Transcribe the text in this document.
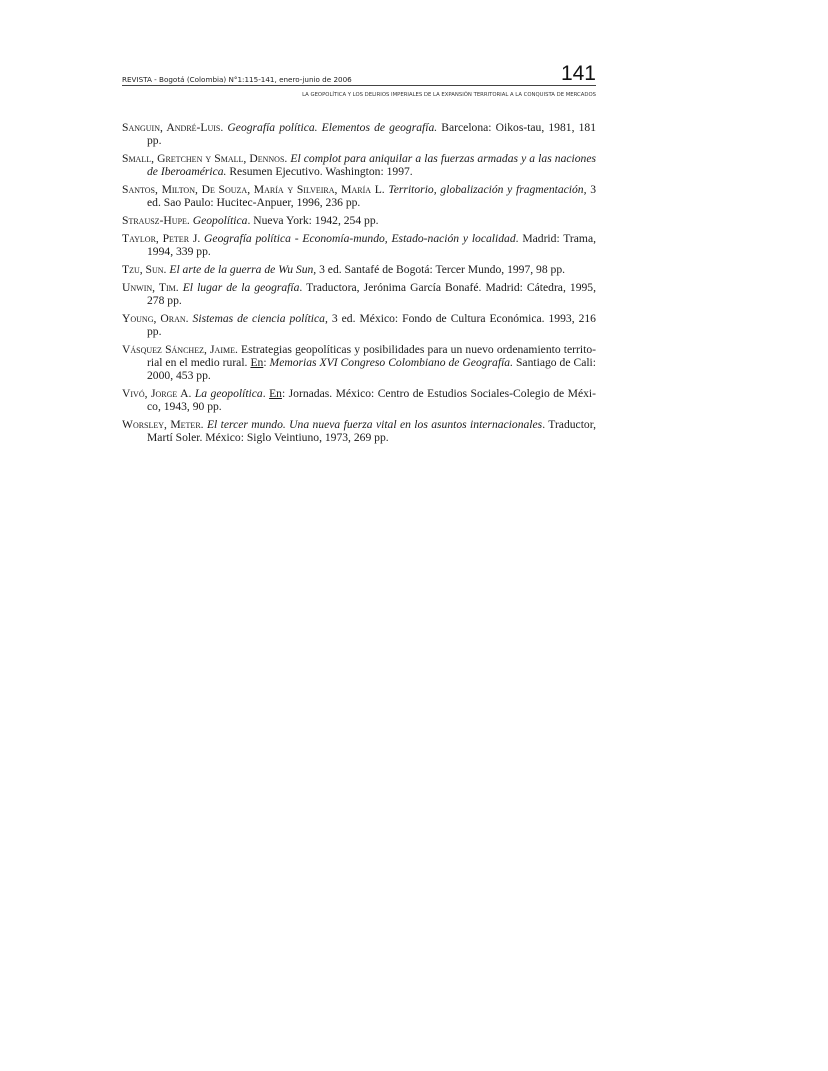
REVISTA - Bogotá (Colombia) N°1:115-141, enero-junio de 2006	141
LA GEOPOLÍTICA Y LOS DELIRIOS IMPERIALES DE LA EXPANSIÓN TERRITORIAL A LA CONQUISTA DE MERCADOS
Sanguin, André-Luis. Geografía política. Elementos de geografía. Barcelona: Oikos-tau, 1981, 181 pp.
Small, Gretchen y Small, Dennos. El complot para aniquilar a las fuerzas armadas y a las naciones de Iberoamérica. Resumen Ejecutivo. Washington: 1997.
Santos, Milton, De Souza, María y Silveira, María L. Territorio, globalización y fragmentación, 3 ed. Sao Paulo: Hucitec-Anpuer, 1996, 236 pp.
Strausz-Hupe. Geopolítica. Nueva York: 1942, 254 pp.
Taylor, Peter J. Geografía política - Economía-mundo, Estado-nación y localidad. Madrid: Trama, 1994, 339 pp.
Tzu, Sun. El arte de la guerra de Wu Sun, 3 ed. Santafé de Bogotá: Tercer Mundo, 1997, 98 pp.
Unwin, Tim. El lugar de la geografía. Traductora, Jerónima García Bonafé. Madrid: Cátedra, 1995, 278 pp.
Young, Oran. Sistemas de ciencia política, 3 ed. México: Fondo de Cultura Económica. 1993, 216 pp.
Vásquez Sánchez, Jaime. Estrategias geopolíticas y posibilidades para un nuevo ordenamiento territorial en el medio rural. En: Memorias XVI Congreso Colombiano de Geografía. Santiago de Cali: 2000, 453 pp.
Vivó, Jorge A. La geopolítica. En: Jornadas. México: Centro de Estudios Sociales-Colegio de México, 1943, 90 pp.
Worsley, Meter. El tercer mundo. Una nueva fuerza vital en los asuntos internacionales. Traductor, Martí Soler. México: Siglo Veintiuno, 1973, 269 pp.
